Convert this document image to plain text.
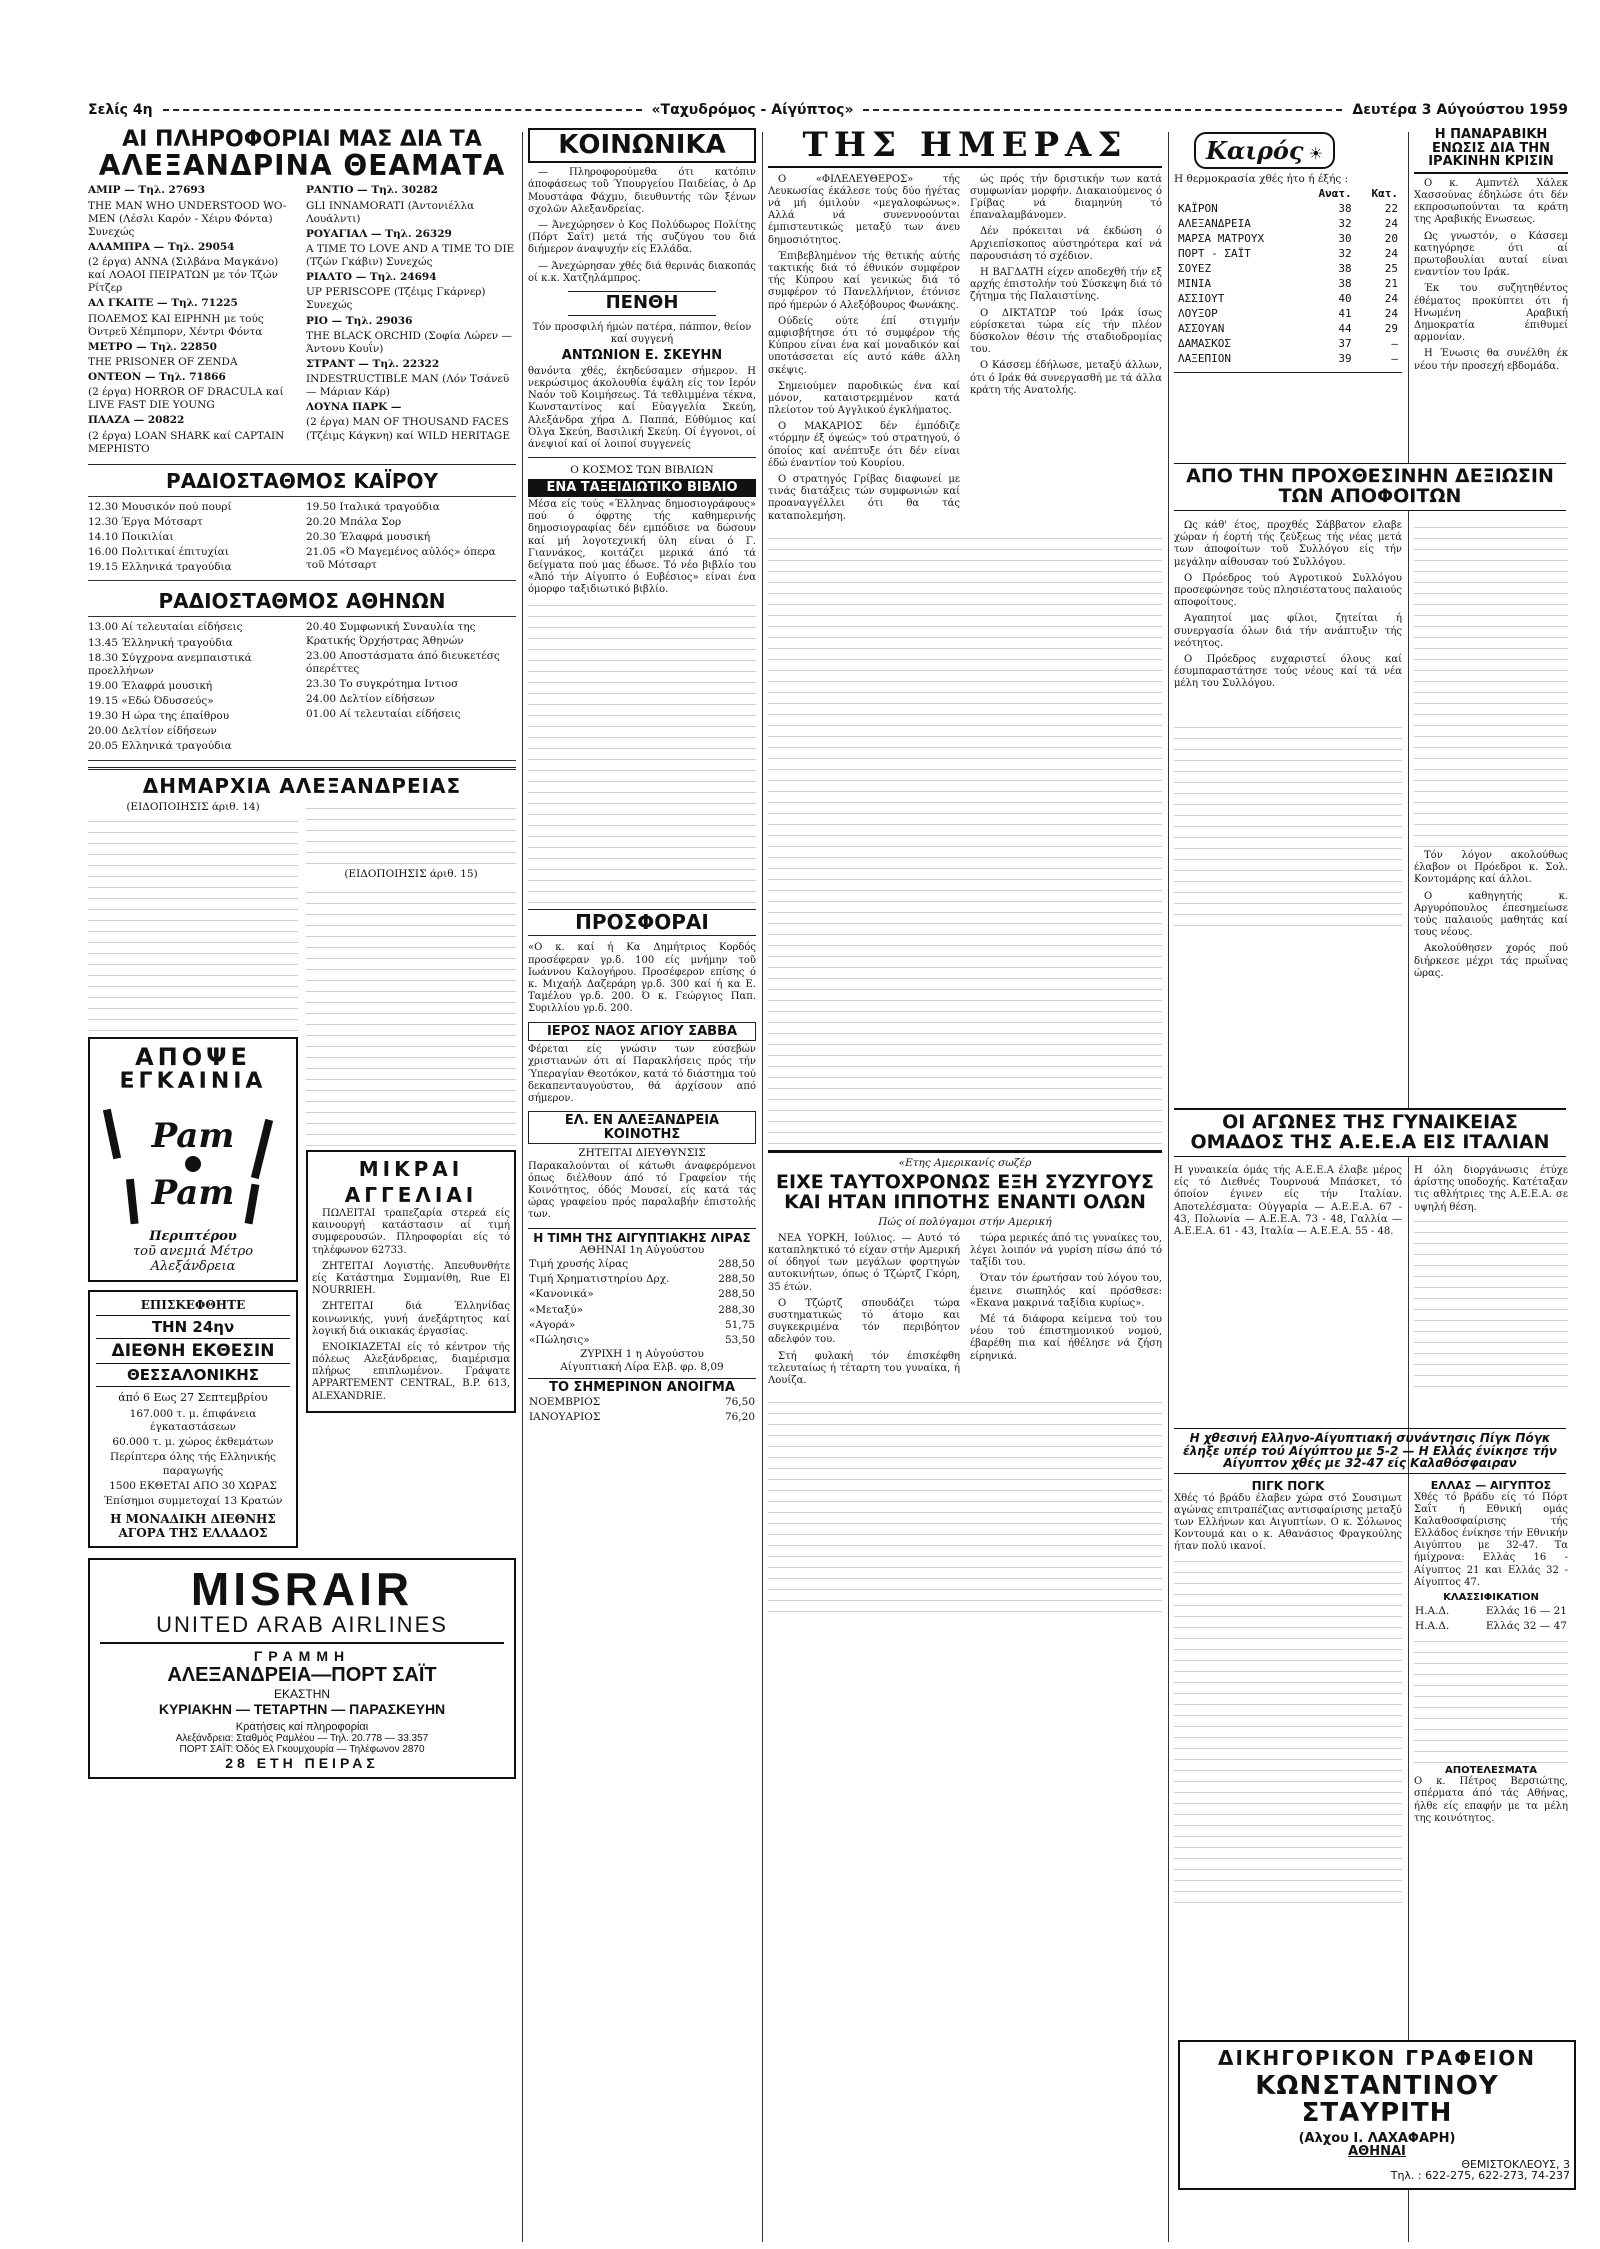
Σελίς 4η	«Ταχυδρόμος - Αίγύπτος»	Δευτέρα 3 Αύγούστου 1959
ΑΙ ΠΛΗΡΟΦΟΡΙΑΙ ΜΑΣ ΔΙΑ ΤΑ
ΑΛΕΞΑΝΔΡΙΝΑ ΘΕΑΜΑΤΑ
ΑΜΙΡ — Τηλ. 27693
THE MAN WHO UNDERSTOOD WO-MEN (Λέσλι Καρόν - Χέιρυ Φόντα) Συνεχώς
ΑΛΑΜΠΡΑ — Τηλ. 29054
(2 έργα) ΑΝΝΑ (Σιλβάνα Μαγκάνο) καί ΛΟΑΟΙ ΠΕΙΡΑΤΩΝ με τόν Τζών Ρίτζερ
ΑΛ ΓΚΑΙΤΕ — Τηλ. 71225
ΠΟΛΕΜΟΣ ΚΑΙ ΕΙΡΗΝΗ με τούς Όντρεϋ Χέπμπορν, Χέντρι Φόντα
ΜΕΤΡΟ — Τηλ. 22850
THE PRISONER OF ZENDA
ΟΝΤΕΟΝ — Τηλ. 71866
(2 έργα) HORROR OF DRACULA καί LIVE FAST DIE YOUNG
ΠΛΑΖΑ — 20822
(2 έργα) LOAN SHARK καί CAPTAIN MEPHISTO
ΡΑΝΤΙΟ — Τηλ. 30282
GLI INNAMORATI (Άντονιέλλα Λουάλντι)
ΡΟΥΑΓΙΑΛ — Τηλ. 26329
A TIME TO LOVE AND A TIME TO DIE (Τζών Γκάβιν) Συνεχώς
ΡΙΑΛΤΟ — Τηλ. 24694
UP PERISCOPE (Τζέιμς Γκάρνερ) Συνεχώς
ΡΙΟ — Τηλ. 29036
THE BLACK ORCHID (Σοφία Λώρεν — Άντονυ Κουΐν)
ΣΤΡΑΝΤ — Τηλ. 22322
INDESTRUCTIBLE MAN (Λόν Τσάνεϋ — Μάριαν Κάρ)
ΛΟΥΝΑ ΠΑΡΚ —
(2 έργα) MAN OF THOUSAND FACES (Τζέιμς Κάγκνη) καί WILD HERITAGE
ΡΑΔΙΟΣΤΑΘΜΟΣ ΚΑΪΡΟΥ
12.30 Μουσικόν πού πουρί
12.30 Έργα Μότσαρτ
14.10 Ποικιλίαι
16.00 Πολιτικαί έπιτυχίαι
19.15 Ελληνικά τραγούδια
19.50 Ιταλικά τραγούδια
20.20 Μπάλα Σορ
20.30 Έλαφρά μουσική
21.05 «Ό Μαγεμένος αὐλός» όπερα τοῦ Μότσαρτ
ΡΑΔΙΟΣΤΑΘΜΟΣ ΑΘΗΝΩΝ
13.00 Αί τελευταίαι είδήσεις
13.45 Έλληνική τραγούδια
18.30 Σύγχρονα ανεμπαιστικά προελλήνων
19.00 Έλαφρά μουσική
19.15 «Εδώ Όδυσσεύς»
19.30 Η ώρα της έπαίθρου
20.00 Δελτίον είδήσεων
20.05 Ελληνικά τραγούδια
20.40 Συμφωνική Συναυλία της Κρατικής Όρχήστρας Άθηνών
23.00 Αποστάσματα άπό διευκετέσς όπερέττες
23.30 Το συγκρότημα Ιντιοσ
24.00 Δελτίον είδήσεων
01.00 Αί τελευταίαι είδήσεις
ΔΗΜΑΡΧΙΑ ΑΛΕΞΑΝΔΡΕΙΑΣ
(ΕΙΔΟΠΟΙΗΣΙΣ άριθ. 14)
ΑΠΟΨΕ
ΕΓΚΑΙΝΙΑ
Pam
Pam
Περιπτέρου
τοῦ ανεμιά Μέτρο
Αλεξάνδρεια
ΕΠΙΣΚΕΦΘΗΤΕ
ΤΗΝ 24ην
ΔΙΕΘΝΗ ΕΚΘΕΣΙΝ
ΘΕΣΣΑΛΟΝΙΚΗΣ
άπό 6 Εως 27 Σεπτεμβρίου
167.000 τ. μ. έπιφάνεια έγκαταστάσεων
60.000 τ. μ. χώρος έκθεμάτων
Περίπτερα όλης τής Ελληνικής παραγωγής
1500 ΕΚΘΕΤΑΙ ΑΠΟ 30 ΧΩΡΑΣ
Έπίσημοι συμμετοχαί 13 Κρατών
Η ΜΟΝΑΔΙΚΗ ΔΙΕΘΝΗΣ
ΑΓΟΡΑ ΤΗΣ ΕΛΛΑΔΟΣ
(ΕΙΔΟΠΟΙΗΣΙΣ άριθ. 15)
MISRAIR
UNITED ARAB AIRLINES
ΓΡΑΜΜΗ
ΑΛΕΞΑΝΔΡΕΙΑ—ΠΟΡΤ ΣΑΪΤ
ΕΚΑΣΤΗΝ
ΚΥΡΙΑΚΗΝ — ΤΕΤΑΡΤΗΝ — ΠΑΡΑΣΚΕΥΗΝ
Κρατήσεις καί πληροφορίαι
Αλεξάνδρεια: Σταθμός Ραμλέου — Τηλ. 20.778 — 33.357
ΠΟΡΤ ΣΑΪΤ: Όδός Ελ Γκουμχουρία — Τηλέφωνον 2870
28 ΕΤΗ ΠΕΙΡΑΣ
ΚΟΙΝΩΝΙΚΑ

— Πληροφορούμεθα ότι κατόπιν άποφάσεως τοῦ Ύπουργείου Παιδείας, ὁ Δρ Μουστάφα Φάχμυ, διευθυντής τῶν ξένων σχολῶν Αλεξανδρείας.

— Άνεχώρησεν ὁ Κος Πολύδωρος Πολίτης (Πόρτ Σαΐτ) μετά τής συζύγου του διά διήμερον άναψυχήν είς Ελλάδα.

— Άνεχώρησαν χθές διά θερινάς διακοπάς οί κ.κ. Χατζηλάμπρος.

ΠΕΝΘΗ
Τόν προσφιλή ήμών πατέρα, πάππον, θείον καί συγγενή
ΑΝΤΩΝΙΟΝ Ε. ΣΚΕΥΗΝ
θανόντα χθές, έκηδεύσαμεν σήμερον. Η νεκρώσιμος άκολουθία έψάλη είς τον Ιερόν Ναόν τοῦ Κοιμήσεως. Τά τεθλιμμένα τέκνα, Κωνσταντίνος καί Εὐαγγελία Σκεύη, Αλεξάνδρα χήρα Δ. Παππά, Εὐθύμιος καί Όλγα Σκεύη, Βασιλική Σκεύη. Οί έγγονοι, οί άνεψιοί καί οί λοιποί συγγενείς
Ο ΚΟΣΜΟΣ ΤΩΝ ΒΙΒΛΙΩΝ
ΕΝΑ ΤΑΞΕΙΔΙΩΤΙΚΟ ΒΙΒΛΙΟ
Μέσα είς τούς «Έλληνας δημοσιογράφους» πού ό όφρτης τής καθημερινής δημοσιογραφίας δέν εμπόδισε να δώσουν καί μή λογοτεχνική ύλη είναι ό Γ. Γιαννάκος, κοιτάζει μερικά άπό τά δείγματα πού μας έδωσε. Τό νέο βιβλίο του «Άπό τήν Αίγυπτο ό Ευβέσιος» είναι ένα όμορφο ταξιδιωτικό βιβλίο.
ΠΡΟΣΦΟΡΑΙ
«Ο κ. καί ή Κα Δημήτριος Κορδός προσέφεραν γρ.δ. 100 είς μνήμην τοῦ Ιωάννου Καλογήρου. Προσέφερον επίσης ό κ. Μιχαήλ Δαζεράρη γρ.δ. 300 καί ή κα Ε. Ταμέλου γρ.δ. 200. Ό κ. Γεώργιος Παπ. Συριλλίου γρ.δ. 200.
ΙΕΡΟΣ ΝΑΟΣ ΑΓΙΟΥ ΣΑΒΒΑ
Φέρεται είς γνώσιν των εύσεβών χριστιανών ότι αί Παρακλήσεις πρός τήν Ύπεραγίαν Θεοτόκον, κατά τό διάστημα τού δεκαπενταυγούστου, θά άρχίσουν από σήμερον.
ΕΛ. ΕΝ ΑΛΕΞΑΝΔΡΕΙΑ ΚΟΙΝΟΤΗΣ
ΖΗΤΕΙΤΑΙ ΔΙΕΥΘΥΝΣΙΣ
Παρακαλούνται οί κάτωθι άναφερόμενοι όπως διέλθουν άπό τό Γραφείον τής Κοινότητος, όδός Μουσεί, είς κατά τάς ώρας γραφείου πρός παραλαβήν έπιστολής των.
Η ΤΙΜΗ ΤΗΣ ΑΙΓΥΠΤΙΑΚΗΣ ΛΙΡΑΣ
ΑΘΗΝΑΙ 1η Αὐγούστου
Τιμή χρυσής λίρας	288,50
Τιμή Χρηματιστηρίου Δρχ.	288,50
«Κανονικά»	288,50
«Μεταξύ»	288,30
«Αγορά»	51,75
«Πώλησις»	53,50
ΖΥΡΙΧΗ 1 η Αὐγούστου
Αίγυπτιακή Λίρα Ελβ. φρ. 8,09
ΤΟ ΣΗΜΕΡΙΝΟΝ ΑΝΟΙΓΜΑ
ΝΟΕΜΒΡΙΟΣ	76,50
ΙΑΝΟΥΑΡΙΟΣ	76,20
ΜΙΚΡΑΙ ΑΓΓΕΛΙΑΙ

ΠΩΛΕΙΤΑΙ τραπεζαρία στερεά είς καινουργή κατάστασιν αί τιμή συμφερουσών. Πληροφορίαι είς τό τηλέφωνον 62733.

ΖΗΤΕΙΤΑΙ Λογιστής. Άπευθυνθήτε είς Κατάστημα Συμμανίθη, Rue El NOURRIEH.

ΖΗΤΕΙΤΑΙ διά Έλληνίδας κοινωνικής, γυνή άνεξάρτητος καί λογική διά οικιακάς έργασίας.

ΕΝΟΙΚΙΑΖΕΤΑΙ είς τό κέντρον τής πόλεως Αλεξάνδρειας, διαμέρισμα πλήρως επιπλωμένον. Γράψατε APPARTEMENT CENTRAL, B.P. 613, ALEXANDRIE.

ΤΗΣ ΗΜΕΡΑΣ

Ο «ΦΙΛΕΛΕΥΘΕΡΟΣ» τής Λευκωσίας έκάλεσε τούς δύο ήγέτας νά μή όμιλούν «μεγαλοφώνως». Αλλά νά συνεννοούνται έμπιστευτικώς μεταξύ των άνευ δημοσιότητος.

Έπιβεβλημένον τής θετικής αύτής τακτικής διά τό έθνικόν συμφέρον τής Κύπρου καί γενικώς διά τό συμφέρον τό Πανελλήνιον, έτόνισε πρό ήμερών ό Αλεξόβουρος Φωνάκης.

Ούδείς ούτε έπί στιγμήν αμφισβήτησε ότι τό συμφέρον τής Κύπρου είναι ένα καί μοναδικόν καί υποτάσσεται είς αυτό κάθε άλλη σκέψις.

Σημειούμεν παροδικώς ένα καί μόνον, καταιστρεμμένον κατά πλείοτον τού Αγγλικού έγκλήματος.

Ο ΜΑΚΑΡΙΟΣ δέν έμπόδιζε «τόρμην έξ όψεώς» τού στρατηγού, ό όποίος καί ανέπτυξε ότι δέν είναι έδώ έναντίον τού Κουρίου.

Ο στρατηγός Γρίβας διαφωνεί με τινάς διατάξεις τών συμφωνιών καί προαναγγέλλει ότι θα τάς καταπολεμήση.

ώς πρός τήν δριστικήν των κατά συμφωνίαν μορφήν. Διακαιούμενος ό Γρίβας νά διαμηνύη τό έπαναλαμβάνομεν.

Δέν πρόκειται νά έκδώση ό Αρχιεπίσκοπος αύστηρότερα καί νά παρουσιάση τό σχέδιον.

Η ΒΑΓΔΑΤΗ είχεν αποδεχθή τήν εξ αρχής έπιστολήν τού Σύσκεψη διά τό ζήτημα τής Παλαιστίνης.

Ο ΔΙΚΤΑΤΩΡ τού Ιράκ ίσως εύρίσκεται τώρα είς τήν πλέον δύσκολον θέσιν τής σταδιοδρομίας του.

Ο Κάσσεμ έδήλωσε, μεταξύ άλλων, ότι ό Ιράκ θά συνεργασθή με τά άλλα κράτη τής Ανατολής.

«Ετης Αμερικανίς σωζέρ
ΕΙΧΕ ΤΑΥΤΟΧΡΟΝΩΣ ΕΞΗ ΣΥΖΥΓΟΥΣ ΚΑΙ ΗΤΑΝ ΙΠΠΟΤΗΣ ΕΝΑΝΤΙ ΟΛΩΝ
Πώς οί πολύγαμοι στήν Αμερική

ΝΕΑ ΥΟΡΚΗ, Ιούλιος. — Αυτό τό καταπληκτικό τό είχαν στήν Αμερική οί όδηγοί των μεγάλων φορτηγών αυτοκινήτων, όπως ό Τζώρτζ Γκόρη, 35 έτών.

Ο Τζώρτζ σπουδάζει τώρα συστηματικώς τό άτομο και συγκεκριμένα τόν περιβόητον αδελφόν του.

Στή φυλακή τόν έπισκέφθη τελευταίως ή τέταρτη του γυναίκα, ή Λουίζα.

τώρα μερικές άπό τις γυναίκες του, λέγει λοιπόν νά γυρίση πίσω άπό τό ταξίδι του.

Όταν τόν έρωτήσαν τού λόγου του, έμεινε σιωπηλός καί πρόσθεσε: «Εκανα μακρινά ταξίδια κυρίως».

Μέ τά διάφορα κείμενα τού του νέου τού έπιστημονικού νομού, έβαρέθη πια καί ήθέλησε νά ζήση είρηνικά.

Καιρός ☀
Η θερμοκρασία χθές ήτο ή έξής :
	Ανατ.	Κατ.
ΚΑΪΡΟΝ	38	22
ΑΛΕΞΑΝΔΡΕΙΑ	32	24
ΜΑΡΣΑ ΜΑΤΡΟΥΧ	30	20
ΠΟΡΤ - ΣΑΪΤ	32	24
ΣΟΥΕΖ	38	25
ΜΙΝΙΑ	38	21
ΑΣΣΙΟΥΤ	40	24
ΛΟΥΞΟΡ	41	24
ΑΣΣΟΥΑΝ	44	29
ΔΑΜΑΣΚΟΣ	37	—
ΛΑΞΕΠΙΟΝ	39	—
ΑΠΟ ΤΗΝ ΠΡΟΧΘΕΣΙΝΗΝ ΔΕΞΙΩΣΙΝ ΤΩΝ ΑΠΟΦΟΙΤΩΝ

Ως κάθ' έτος, προχθές Σάββατον ελαβε χώραν ή έορτή τής ζεύξεως τής νέας μετά των άποφοίτων τοῦ Συλλόγου είς τήν μεγάλην αίθουσαν τού Συλλόγου.

Ο Πρόεδρος τού Αγροτικού Συλλόγου προσεφώνησε τούς πλησιέστατους παλαιούς αποφοίτους.

Αγαπητοί μας φίλοι, ζητείται ή συνεργασία όλων διά τήν ανάπτυξιν τής νεότητος.

Ο Πρόεδρος ευχαριστεί όλους καί έσυμπαραστάτησε τούς νέους καί τά νέα μέλη του Συλλόγου.

ΟΙ ΑΓΩΝΕΣ ΤΗΣ ΓΥΝΑΙΚΕΙΑΣ ΟΜΑΔΟΣ ΤΗΣ Α.Ε.Ε.Α ΕΙΣ ΙΤΑΛΙΑΝ
Η γυναικεία όμάς τής Α.Ε.Ε.Α έλαβε μέρος είς τό Διεθνές Τουρνουά Μπάσκετ, τό όποίον έγινεν είς τήν Ιταλίαν. Αποτελέσματα: Ούγγαρία — Α.Ε.Ε.Α. 67 - 43, Πολωνία — Α.Ε.Ε.Α. 73 - 48, Γαλλία — Α.Ε.Ε.Α. 61 - 43, Ιταλία — Α.Ε.Ε.Α. 55 - 48.
Η χθεσινή Ελληνο-Αίγυπτιακή συνάντησις Πίγκ Πόγκ έληξε υπέρ τού Αίγύπτου με 5-2 — Η Ελλάς ένίκησε τήν Αίγυπτον χθές με 32-47 είς Καλαθόσφαιραν
ΠΙΓΚ ΠΟΓΚ
Χθές τό βράδυ έλαβεν χώρα στό Σουσιμωτ αγώνας επιτραπέζιας αντισφαίρισης μεταξύ των Ελλήνων και Αιγυπτίων. Ο κ. Σόλωνος Κοντουμά και ο κ. Αθανάσιος Φραγκούλης ήταν πολύ ικανοί.
Η ΠΑΝΑΡΑΒΙΚΗ ΕΝΩΣΙΣ ΔΙΑ ΤΗΝ ΙΡΑΚΙΝΗΝ ΚΡΙΣΙΝ

Ο κ. Αμπντέλ Χάλεκ Χασσούνας έδηλώσε ότι δέν εκπροσωπούνται τα κράτη της Αραβικής Ενωσεως.

Ως γνωστόν, ο Κάσσεμ κατηγόρησε ότι αί πρωτοβουλίαι αυταί είναι εναντίον του Ιράκ.

Έκ του συζητηθέντος έθέματος προκύπτει ότι ή Ηνωμένη Αραβική Δημοκρατία έπιθυμεί αρμονίαν.

Η Ένωσις θα συνέλθη έκ νέου τήν προσεχή εβδομάδα.

Τόν λόγον ακολούθως έλαβον οι Πρόεδροι κ. Σολ. Κοντομάρης καί άλλοι.

Ο καθηγητής κ. Αργυρόπουλος έπεσημείωσε τούς παλαιούς μαθητάς καί τους νέους.

Ακολούθησεν χορός πού διήρκεσε μέχρι τάς πρωΐνας ώρας.

Η όλη διοργάνωσις έτύχε άρίστης υποδοχής. Κατέταξαν τις αθλήτριες της Α.Ε.Ε.Α. σε υψηλή θέση.
ΕΛΛΑΣ — ΑΙΓΥΠΤΟΣ
Χθές τό βράδυ είς τό Πόρτ Σαΐτ ή Εθνική ομάς Καλαθοσφαίρισης τής Ελλάδος ένίκησε τήν Εθνικήν Αιγύπτου με 32-47. Τα ήμίχρονα: Ελλάς 16 - Αίγυπτος 21 και Ελλάς 32 - Αίγυπτος 47.
ΚΛΑΣΣΙΦΙΚΑΤΙΟΝ
Η.Α.Δ.	Ελλάς 16 — 21
Η.Α.Δ.	Ελλάς 32 — 47
ΑΠΟΤΕΛΕΣΜΑΤΑ
Ο κ. Πέτρος Βερσιώτης, σπέρματα άπό τάς Αθήνας, ήλθε είς επαφήν με τα μέλη της κοινότητος.
ΔΙΚΗΓΟΡΙΚΟΝ ΓΡΑΦΕΙΟΝ
ΚΩΝΣΤΑΝΤΙΝΟΥ ΣΤΑΥΡΙΤΗ
(Αλχου Ι. ΛΑΧΑΦΑΡΗ)
ΑΘΗΝΑΙ
ΘΕΜΙΣΤΟΚΛΕΟΥΣ, 3
Τηλ. : 622-275, 622-273, 74-237
